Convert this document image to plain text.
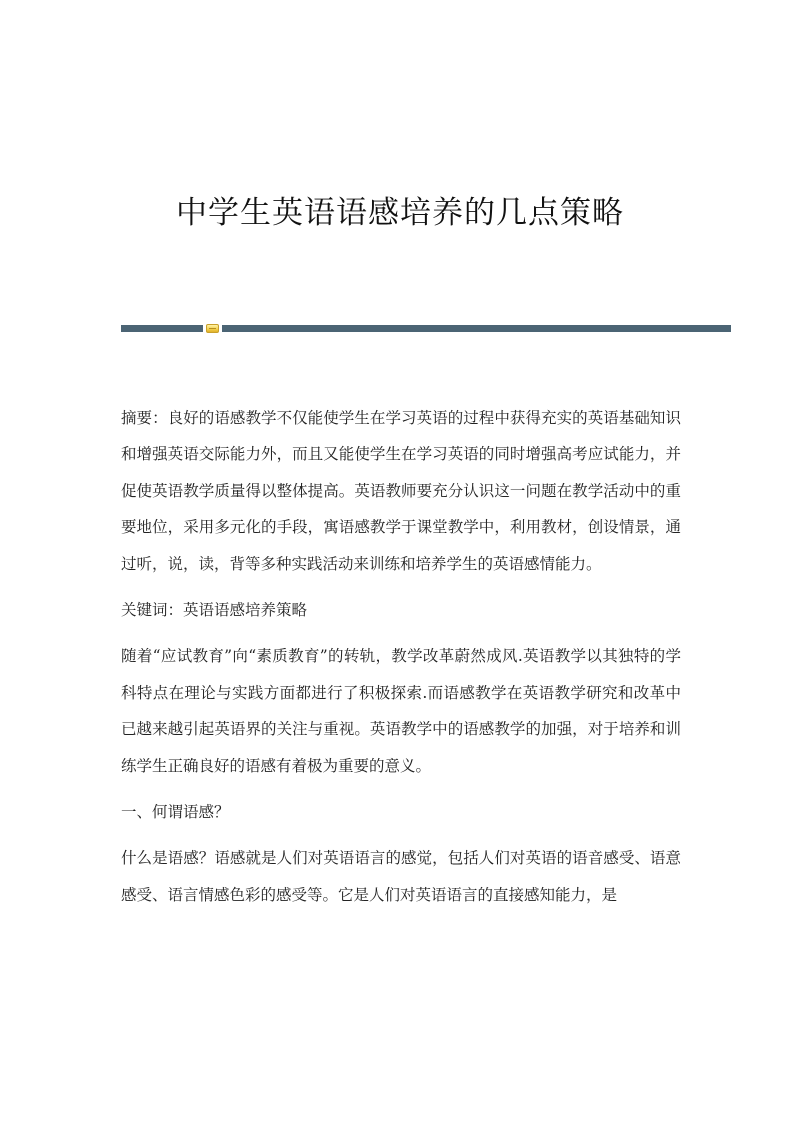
中学生英语语感培养的几点策略

摘要：良好的语感教学不仅能使学生在学习英语的过程中获得充实的英语基础知识和增强英语交际能力外，而且又能使学生在学习英语的同时增强高考应试能力，并促使英语教学质量得以整体提高。英语教师要充分认识这一问题在教学活动中的重要地位，采用多元化的手段，寓语感教学于课堂教学中，利用教材，创设情景，通过听，说，读，背等多种实践活动来训练和培养学生的英语感情能力。

关键词：英语语感培养策略

随着“应试教育”向“素质教育”的转轨，教学改革蔚然成风.英语教学以其独特的学科特点在理论与实践方面都进行了积极探索.而语感教学在英语教学研究和改革中已越来越引起英语界的关注与重视。英语教学中的语感教学的加强，对于培养和训练学生正确良好的语感有着极为重要的意义。

一、何谓语感？

什么是语感？语感就是人们对英语语言的感觉，包括人们对英语的语音感受、语意感受、语言情感色彩的感受等。它是人们对英语语言的直接感知能力，是
